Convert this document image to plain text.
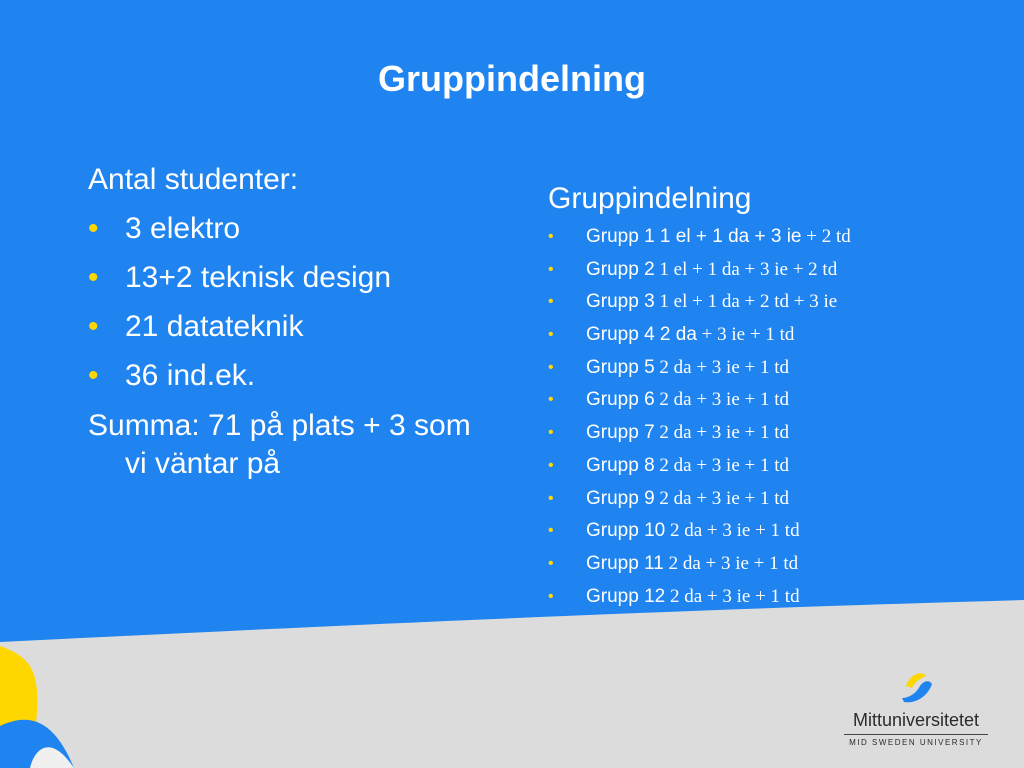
Gruppindelning
Antal studenter:
• 3 elektro
• 13+2 teknisk design
• 21 datateknik
• 36 ind.ek.
Summa: 71 på plats + 3 som vi väntar på
Gruppindelning
• Grupp 1 1 el + 1 da + 3 ie + 2 td
• Grupp 2 1 el + 1 da + 3 ie + 2 td
• Grupp 3 1 el + 1 da + 2 td + 3 ie
• Grupp 4 2 da + 3 ie + 1 td
• Grupp 5 2 da + 3 ie + 1 td
• Grupp 6 2 da + 3 ie + 1 td
• Grupp 7 2 da + 3 ie + 1 td
• Grupp 8 2 da + 3 ie + 1 td
• Grupp 9 2 da + 3 ie + 1 td
• Grupp 10 2 da + 3 ie + 1 td
• Grupp 11 2 da + 3 ie + 1 td
• Grupp 12 2 da + 3 ie + 1 td
Mittuniversitetet
MID SWEDEN UNIVERSITY
